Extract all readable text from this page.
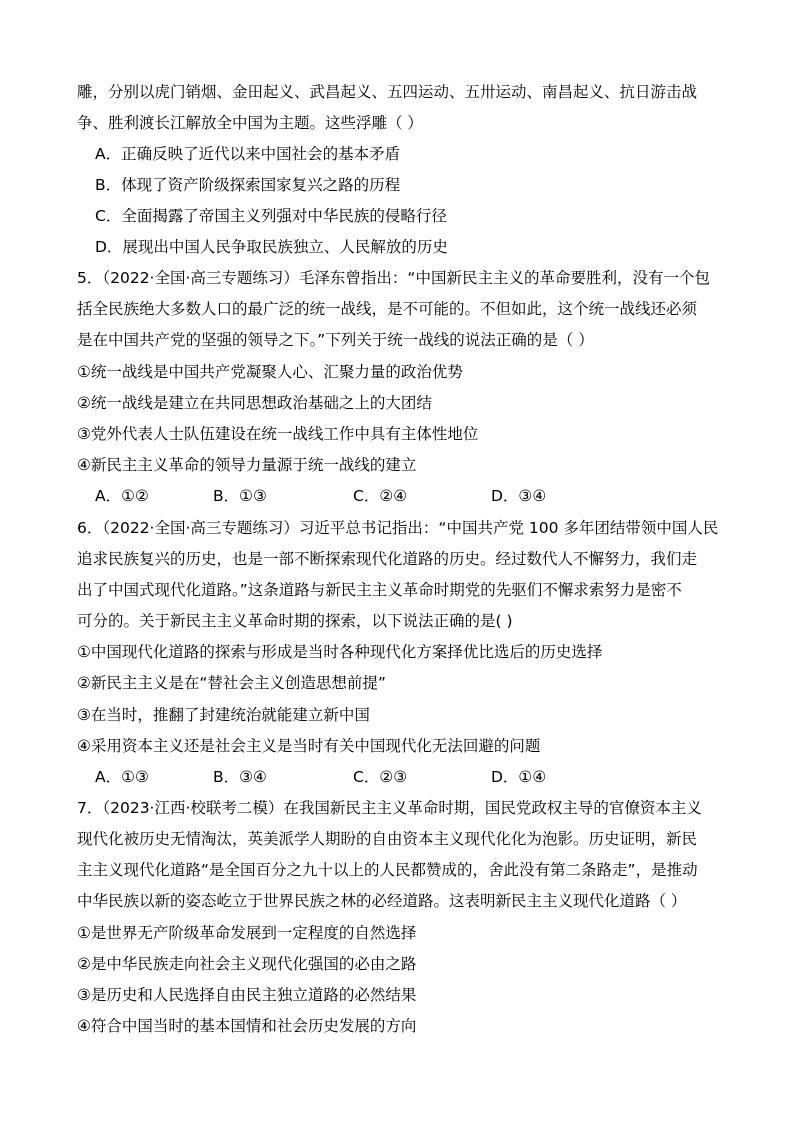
雕，分别以虎门销烟、金田起义、武昌起义、五四运动、五卅运动、南昌起义、抗日游击战
争、胜利渡长江解放全中国为主题。这些浮雕（ ）
A．正确反映了近代以来中国社会的基本矛盾
B．体现了资产阶级探索国家复兴之路的历程
C．全面揭露了帝国主义列强对中华民族的侵略行径
D．展现出中国人民争取民族独立、人民解放的历史
5．（2022·全国·高三专题练习）毛泽东曾指出：“中国新民主主义的革命要胜利，没有一个包
括全民族绝大多数人口的最广泛的统一战线，是不可能的。不但如此，这个统一战线还必须
是在中国共产党的坚强的领导之下。”下列关于统一战线的说法正确的是（ ）
①统一战线是中国共产党凝聚人心、汇聚力量的政治优势
②统一战线是建立在共同思想政治基础之上的大团结
③党外代表人士队伍建设在统一战线工作中具有主体性地位
④新民主主义革命的领导力量源于统一战线的建立
A．①②	B．①③	C．②④	D．③④
6．（2022·全国·高三专题练习）习近平总书记指出：“中国共产党 100 多年团结带领中国人民
追求民族复兴的历史，也是一部不断探索现代化道路的历史。经过数代人不懈努力，我们走
出了中国式现代化道路。”这条道路与新民主主义革命时期党的先驱们不懈求索努力是密不
可分的。关于新民主主义革命时期的探索，以下说法正确的是( )
①中国现代化道路的探索与形成是当时各种现代化方案择优比选后的历史选择
②新民主主义是在“替社会主义创造思想前提”
③在当时，推翻了封建统治就能建立新中国
④采用资本主义还是社会主义是当时有关中国现代化无法回避的问题
A．①③	B．③④	C．②③	D．①④
7．（2023·江西·校联考二模）在我国新民主主义革命时期，国民党政权主导的官僚资本主义
现代化被历史无情淘汰，英美派学人期盼的自由资本主义现代化化为泡影。历史证明，新民
主主义现代化道路“是全国百分之九十以上的人民都赞成的，舍此没有第二条路走”，是推动
中华民族以新的姿态屹立于世界民族之林的必经道路。这表明新民主主义现代化道路（ ）
①是世界无产阶级革命发展到一定程度的自然选择
②是中华民族走向社会主义现代化强国的必由之路
③是历史和人民选择自由民主独立道路的必然结果
④符合中国当时的基本国情和社会历史发展的方向
